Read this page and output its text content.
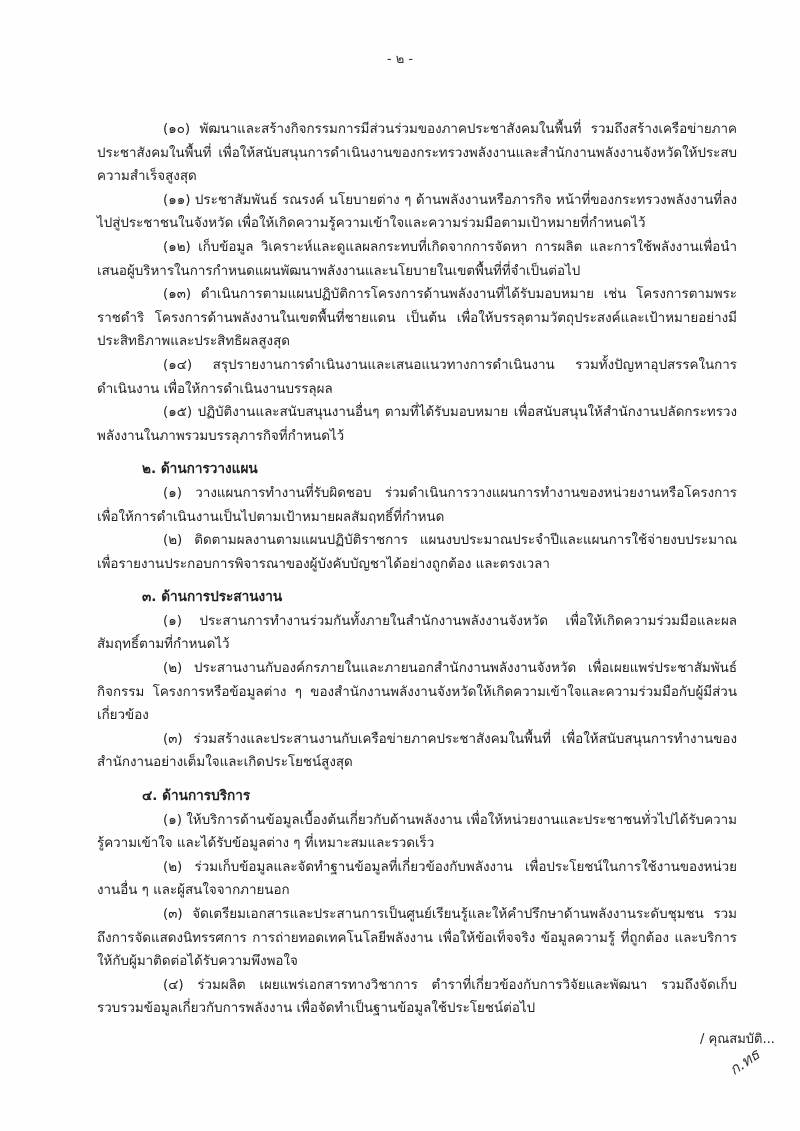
- ๒ -

(๑๐) พัฒนาและสร้างกิจกรรมการมีส่วนร่วมของภาคประชาสังคมในพื้นที่ รวมถึงสร้างเครือข่ายภาคประชาสังคมในพื้นที่ เพื่อให้สนับสนุนการดำเนินงานของกระทรวงพลังงานและสำนักงานพลังงานจังหวัดให้ประสบความสำเร็จสูงสุด

(๑๑) ประชาสัมพันธ์ รณรงค์ นโยบายต่าง ๆ ด้านพลังงานหรือภารกิจ หน้าที่ของกระทรวงพลังงานที่ลงไปสู่ประชาชนในจังหวัด เพื่อให้เกิดความรู้ความเข้าใจและความร่วมมือตามเป้าหมายที่กำหนดไว้

(๑๒) เก็บข้อมูล วิเคราะห์และดูแลผลกระทบที่เกิดจากการจัดหา การผลิต และการใช้พลังงานเพื่อนำเสนอผู้บริหารในการกำหนดแผนพัฒนาพลังงานและนโยบายในเขตพื้นที่ที่จำเป็นต่อไป

(๑๓) ดำเนินการตามแผนปฏิบัติการโครงการด้านพลังงานที่ได้รับมอบหมาย เช่น โครงการตามพระราชดำริ โครงการด้านพลังงานในเขตพื้นที่ชายแดน เป็นต้น เพื่อให้บรรลุตามวัตถุประสงค์และเป้าหมายอย่างมีประสิทธิภาพและประสิทธิผลสูงสุด

(๑๔) สรุปรายงานการดำเนินงานและเสนอแนวทางการดำเนินงาน รวมทั้งปัญหาอุปสรรคในการดำเนินงาน เพื่อให้การดำเนินงานบรรลุผล

(๑๕) ปฏิบัติงานและสนับสนุนงานอื่นๆ ตามที่ได้รับมอบหมาย เพื่อสนับสนุนให้สำนักงานปลัดกระทรวงพลังงานในภาพรวมบรรลุภารกิจที่กำหนดไว้

๒. ด้านการวางแผน

(๑) วางแผนการทำงานที่รับผิดชอบ ร่วมดำเนินการวางแผนการทำงานของหน่วยงานหรือโครงการเพื่อให้การดำเนินงานเป็นไปตามเป้าหมายผลสัมฤทธิ์ที่กำหนด

(๒) ติดตามผลงานตามแผนปฏิบัติราชการ แผนงบประมาณประจำปีและแผนการใช้จ่ายงบประมาณเพื่อรายงานประกอบการพิจารณาของผู้บังคับบัญชาได้อย่างถูกต้อง และตรงเวลา

๓. ด้านการประสานงาน

(๑) ประสานการทำงานร่วมกันทั้งภายในสำนักงานพลังงานจังหวัด เพื่อให้เกิดความร่วมมือและผลสัมฤทธิ์ตามที่กำหนดไว้

(๒) ประสานงานกับองค์กรภายในและภายนอกสำนักงานพลังงานจังหวัด เพื่อเผยแพร่ประชาสัมพันธ์ กิจกรรม โครงการหรือข้อมูลต่าง ๆ ของสำนักงานพลังงานจังหวัดให้เกิดความเข้าใจและความร่วมมือกับผู้มีส่วนเกี่ยวข้อง

(๓) ร่วมสร้างและประสานงานกับเครือข่ายภาคประชาสังคมในพื้นที่ เพื่อให้สนับสนุนการทำงานของสำนักงานอย่างเต็มใจและเกิดประโยชน์สูงสุด

๔. ด้านการบริการ

(๑) ให้บริการด้านข้อมูลเบื้องต้นเกี่ยวกับด้านพลังงาน เพื่อให้หน่วยงานและประชาชนทั่วไปได้รับความรู้ความเข้าใจ และได้รับข้อมูลต่าง ๆ ที่เหมาะสมและรวดเร็ว

(๒) ร่วมเก็บข้อมูลและจัดทำฐานข้อมูลที่เกี่ยวข้องกับพลังงาน เพื่อประโยชน์ในการใช้งานของหน่วยงานอื่น ๆ และผู้สนใจจากภายนอก

(๓) จัดเตรียมเอกสารและประสานการเป็นศูนย์เรียนรู้และให้คำปรึกษาด้านพลังงานระดับชุมชน รวมถึงการจัดแสดงนิทรรศการ การถ่ายทอดเทคโนโลยีพลังงาน เพื่อให้ข้อเท็จจริง ข้อมูลความรู้ ที่ถูกต้อง และบริการให้กับผู้มาติดต่อได้รับความพึงพอใจ

(๔) ร่วมผลิต เผยแพร่เอกสารทางวิชาการ ตำราที่เกี่ยวข้องกับการวิจัยและพัฒนา รวมถึงจัดเก็บรวบรวมข้อมูลเกี่ยวกับการพลังงาน เพื่อจัดทำเป็นฐานข้อมูลใช้ประโยชน์ต่อไป

/ คุณสมบัติ...
ก.ทธ
